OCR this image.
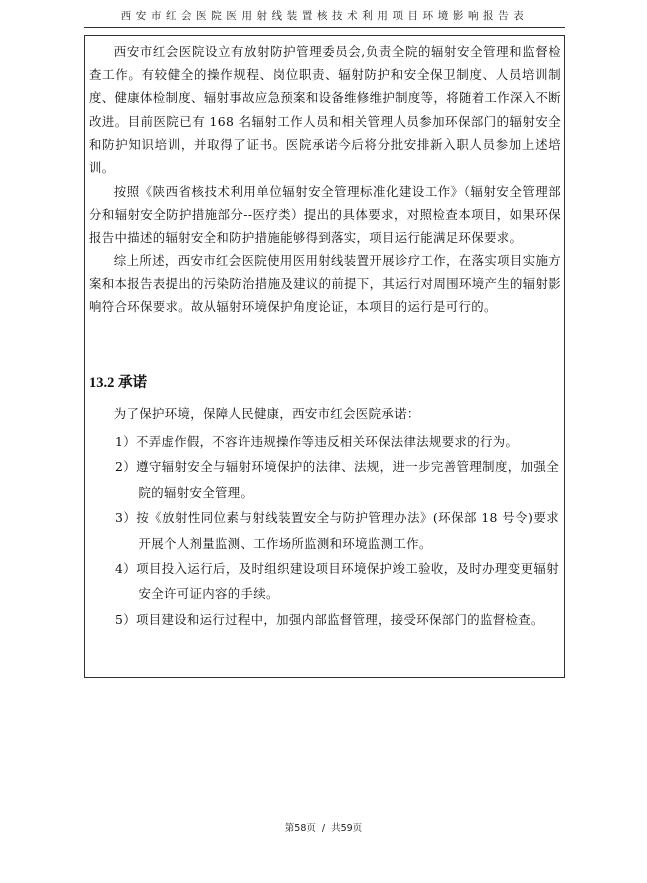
西安市红会医院医用射线装置核技术利用项目环境影响报告表

西安市红会医院设立有放射防护管理委员会,负责全院的辐射安全管理和监督检查工作。有较健全的操作规程、岗位职责、辐射防护和安全保卫制度、人员培训制度、健康体检制度、辐射事故应急预案和设备维修维护制度等，将随着工作深入不断改进。目前医院已有 168 名辐射工作人员和相关管理人员参加环保部门的辐射安全和防护知识培训，并取得了证书。医院承诺今后将分批安排新入职人员参加上述培训。

按照《陕西省核技术利用单位辐射安全管理标准化建设工作》（辐射安全管理部分和辐射安全防护措施部分--医疗类）提出的具体要求，对照检查本项目，如果环保报告中描述的辐射安全和防护措施能够得到落实，项目运行能满足环保要求。

综上所述，西安市红会医院使用医用射线装置开展诊疗工作，在落实项目实施方案和本报告表提出的污染防治措施及建议的前提下，其运行对周围环境产生的辐射影响符合环保要求。故从辐射环境保护角度论证，本项目的运行是可行的。

13.2 承诺

为了保护环境，保障人民健康，西安市红会医院承诺：

1）不弄虚作假，不容许违规操作等违反相关环保法律法规要求的行为。
2）遵守辐射安全与辐射环境保护的法律、法规，进一步完善管理制度，加强全院的辐射安全管理。
3）按《放射性同位素与射线装置安全与防护管理办法》(环保部 18 号令)要求开展个人剂量监测、工作场所监测和环境监测工作。
4）项目投入运行后，及时组织建设项目环境保护竣工验收，及时办理变更辐射安全许可证内容的手续。
5）项目建设和运行过程中，加强内部监督管理，接受环保部门的监督检查。
第58页 / 共59页
